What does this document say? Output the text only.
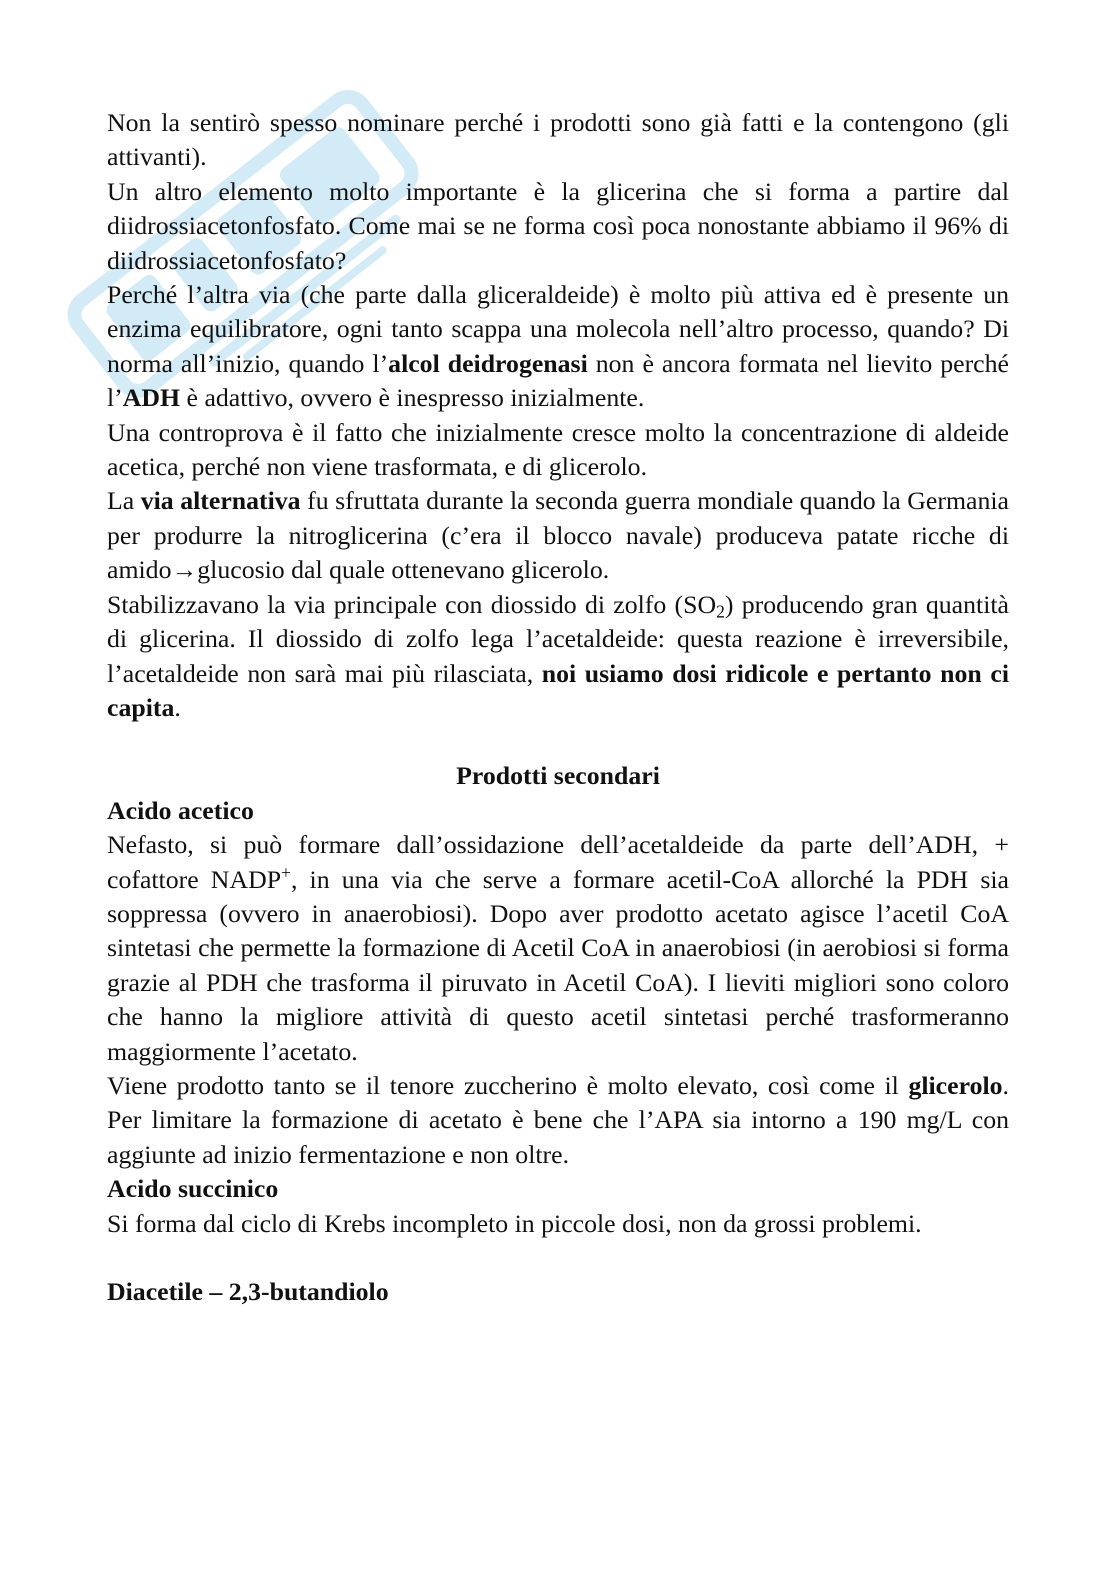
Non la sentirò spesso nominare perché i prodotti sono già fatti e la contengono (gli attivanti).

Un altro elemento molto importante è la glicerina che si forma a partire dal diidrossiacetonfosfato. Come mai se ne forma così poca nonostante abbiamo il 96% di diidrossiacetonfosfato?

Perché l’altra via (che parte dalla gliceraldeide) è molto più attiva ed è presente un enzima equilibratore, ogni tanto scappa una molecola nell’altro processo, quando? Di norma all’inizio, quando l’alcol deidrogenasi non è ancora formata nel lievito perché l’ADH è adattivo, ovvero è inespresso inizialmente.

Una controprova è il fatto che inizialmente cresce molto la concentrazione di aldeide acetica, perché non viene trasformata, e di glicerolo.

La via alternativa fu sfruttata durante la seconda guerra mondiale quando la Germania per produrre la nitroglicerina (c’era il blocco navale) produceva patate ricche di amido→glucosio dal quale ottenevano glicerolo.

Stabilizzavano la via principale con diossido di zolfo $(SO_2)$ producendo gran quantità di glicerina. Il diossido di zolfo lega l’acetaldeide: questa reazione è irreversibile, l’acetaldeide non sarà mai più rilasciata, noi usiamo dosi ridicole e pertanto non ci capita.

Prodotti secondari

Acido acetico

Nefasto, si può formare dall’ossidazione dell’acetaldeide da parte dell’ADH, + cofattore NADP+, in una via che serve a formare acetil-CoA allorché la PDH sia soppressa (ovvero in anaerobiosi). Dopo aver prodotto acetato agisce l’acetil CoA sintetasi che permette la formazione di Acetil CoA in anaerobiosi (in aerobiosi si forma grazie al PDH che trasforma il piruvato in Acetil CoA). I lieviti migliori sono coloro che hanno la migliore attività di questo acetil sintetasi perché trasformeranno maggiormente l’acetato.

Viene prodotto tanto se il tenore zuccherino è molto elevato, così come il glicerolo. Per limitare la formazione di acetato è bene che l’APA sia intorno a 190 mg/L con aggiunte ad inizio fermentazione e non oltre.

Acido succinico

Si forma dal ciclo di Krebs incompleto in piccole dosi, non da grossi problemi.

Diacetile – 2,3-butandiolo
